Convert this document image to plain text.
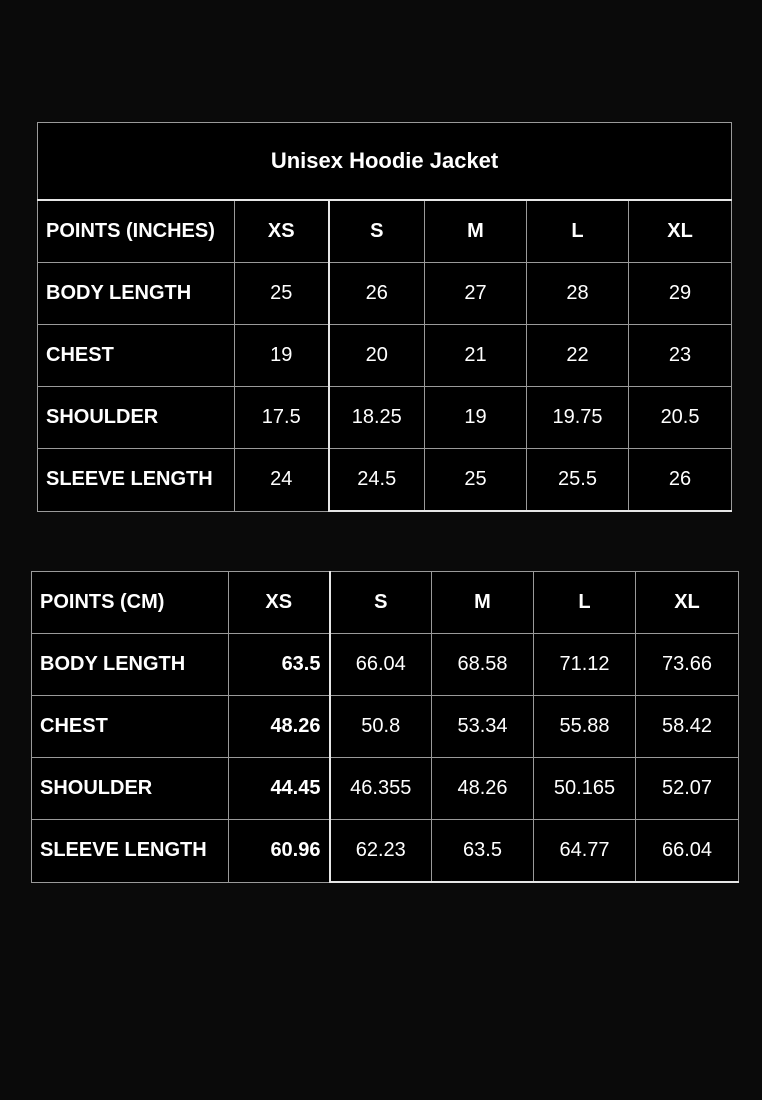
Unisex Hoodie Jacket					
POINTS (INCHES)	XS	S	M	L	XL
BODY LENGTH	25	26	27	28	29
CHEST	19	20	21	22	23
SHOULDER	17.5	18.25	19	19.75	20.5
SLEEVE LENGTH	24	24.5	25	25.5	26
POINTS (CM)	XS	S	M	L	XL
BODY LENGTH	63.5	66.04	68.58	71.12	73.66
CHEST	48.26	50.8	53.34	55.88	58.42
SHOULDER	44.45	46.355	48.26	50.165	52.07
SLEEVE LENGTH	60.96	62.23	63.5	64.77	66.04
